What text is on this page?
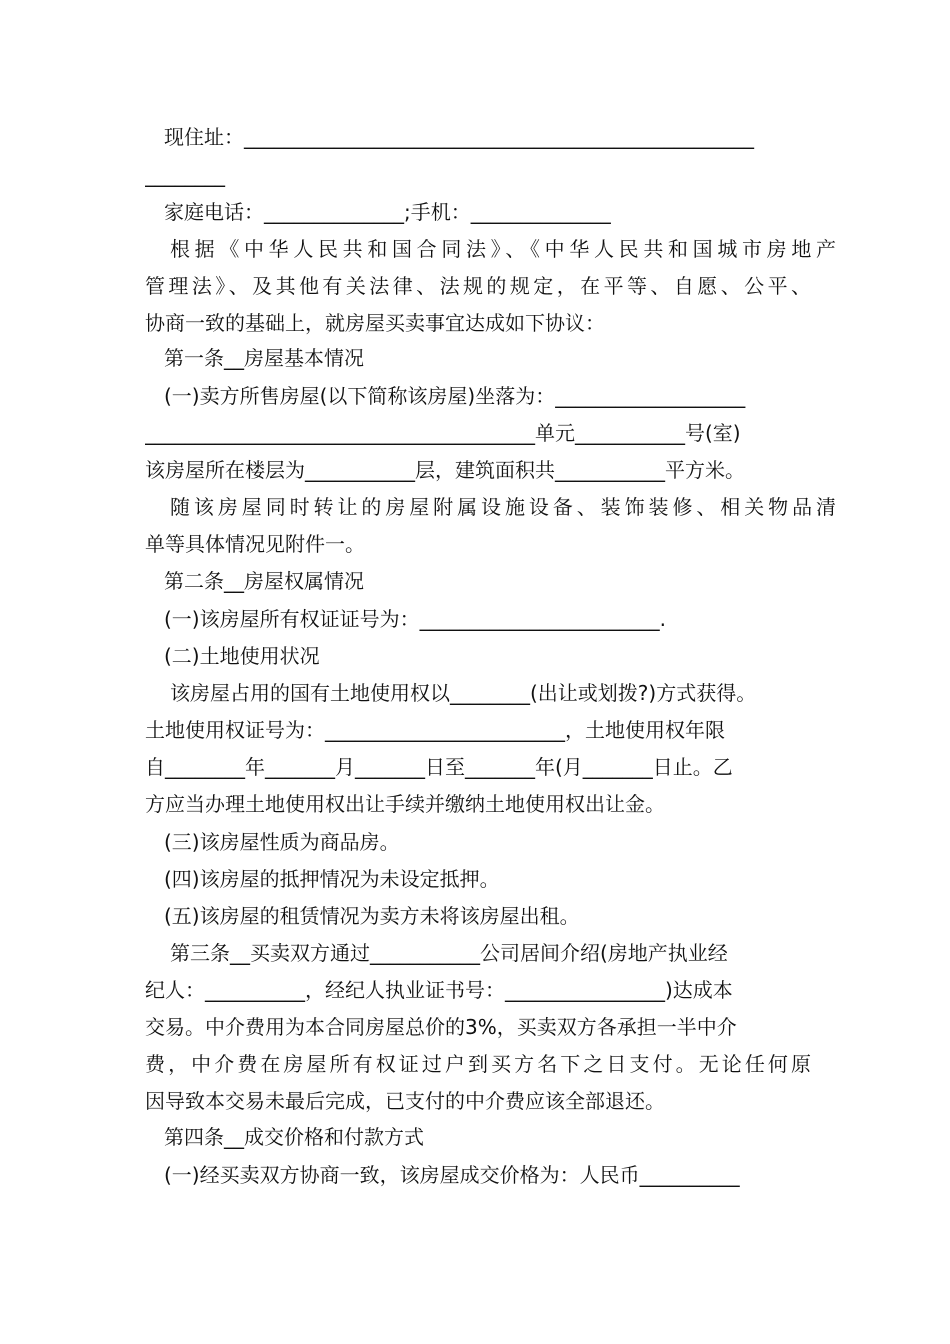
现住址：___________________________________________________
________
家庭电话：______________;手机：______________
根据《中华人民共和国合同法》、《中华人民共和国城市房地产
管理法》、及其他有关法律、法规的规定，在平等、自愿、公平、
协商一致的基础上，就房屋买卖事宜达成如下协议：
第一条__房屋基本情况
(一)卖方所售房屋(以下简称该房屋)坐落为：___________________
_______________________________________单元___________号(室)
该房屋所在楼层为___________层，建筑面积共___________平方米。
随该房屋同时转让的房屋附属设施设备、装饰装修、相关物品清
单等具体情况见附件一。
第二条__房屋权属情况
(一)该房屋所有权证证号为：________________________.
(二)土地使用状况
该房屋占用的国有土地使用权以________(出让或划拨?)方式获得。
土地使用权证号为：________________________，土地使用权年限
自________年_______月_______日至_______年(月_______日止。乙
方应当办理土地使用权出让手续并缴纳土地使用权出让金。
(三)该房屋性质为商品房。
(四)该房屋的抵押情况为未设定抵押。
(五)该房屋的租赁情况为卖方未将该房屋出租。
第三条__买卖双方通过___________公司居间介绍(房地产执业经
纪人：__________，经纪人执业证书号：________________)达成本
交易。中介费用为本合同房屋总价的3%，买卖双方各承担一半中介
费，中介费在房屋所有权证过户到买方名下之日支付。无论任何原
因导致本交易未最后完成，已支付的中介费应该全部退还。
第四条__成交价格和付款方式
(一)经买卖双方协商一致，该房屋成交价格为：人民币__________
